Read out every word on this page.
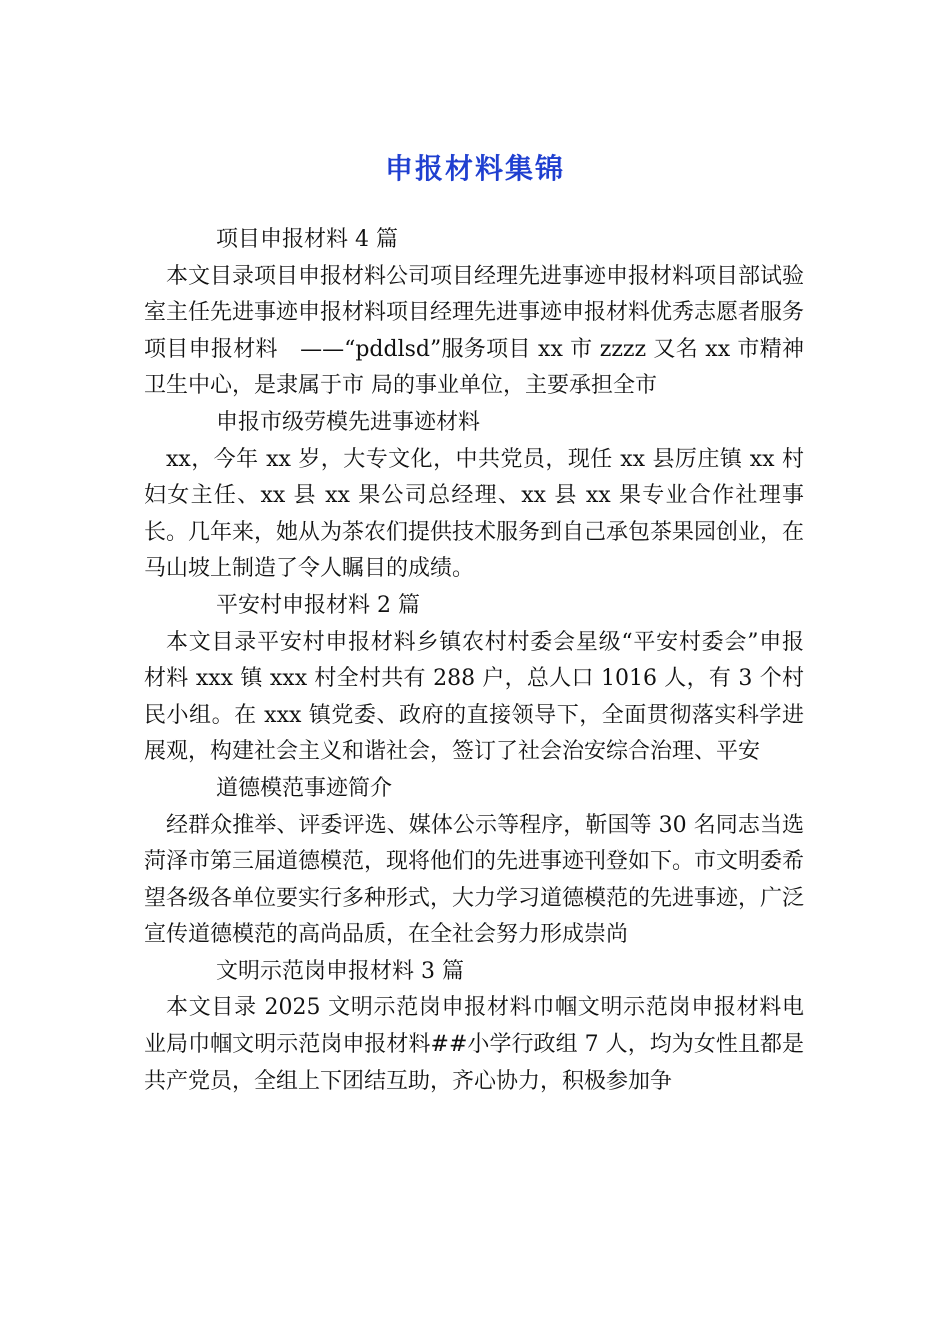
申报材料集锦

项目申报材料 4 篇

本文目录项目申报材料公司项目经理先进事迹申报材料项目部试验室主任先进事迹申报材料项目经理先进事迹申报材料优秀志愿者服务项目申报材料　——“pddlsd”服务项目 xx 市 zzzz 又名 xx 市精神卫生中心，是隶属于市 局的事业单位，主要承担全市

申报市级劳模先进事迹材料

xx，今年 xx 岁，大专文化，中共党员，现任 xx 县厉庄镇 xx 村妇女主任、xx 县 xx 果公司总经理、xx 县 xx 果专业合作社理事长。几年来，她从为茶农们提供技术服务到自己承包茶果园创业，在马山坡上制造了令人瞩目的成绩。

平安村申报材料 2 篇

本文目录平安村申报材料乡镇农村村委会星级“平安村委会”申报材料 xxx 镇 xxx 村全村共有 288 户，总人口 1016 人，有 3 个村民小组。在 xxx 镇党委、政府的直接领导下，全面贯彻落实科学进展观，构建社会主义和谐社会，签订了社会治安综合治理、平安

道德模范事迹简介

经群众推举、评委评选、媒体公示等程序，靳国等 30 名同志当选菏泽市第三届道德模范，现将他们的先进事迹刊登如下。市文明委希望各级各单位要实行多种形式，大力学习道德模范的先进事迹，广泛宣传道德模范的高尚品质，在全社会努力形成崇尚

文明示范岗申报材料 3 篇

本文目录 2025 文明示范岗申报材料巾帼文明示范岗申报材料电业局巾帼文明示范岗申报材料##小学行政组 7 人，均为女性且都是共产党员，全组上下团结互助，齐心协力，积极参加争
